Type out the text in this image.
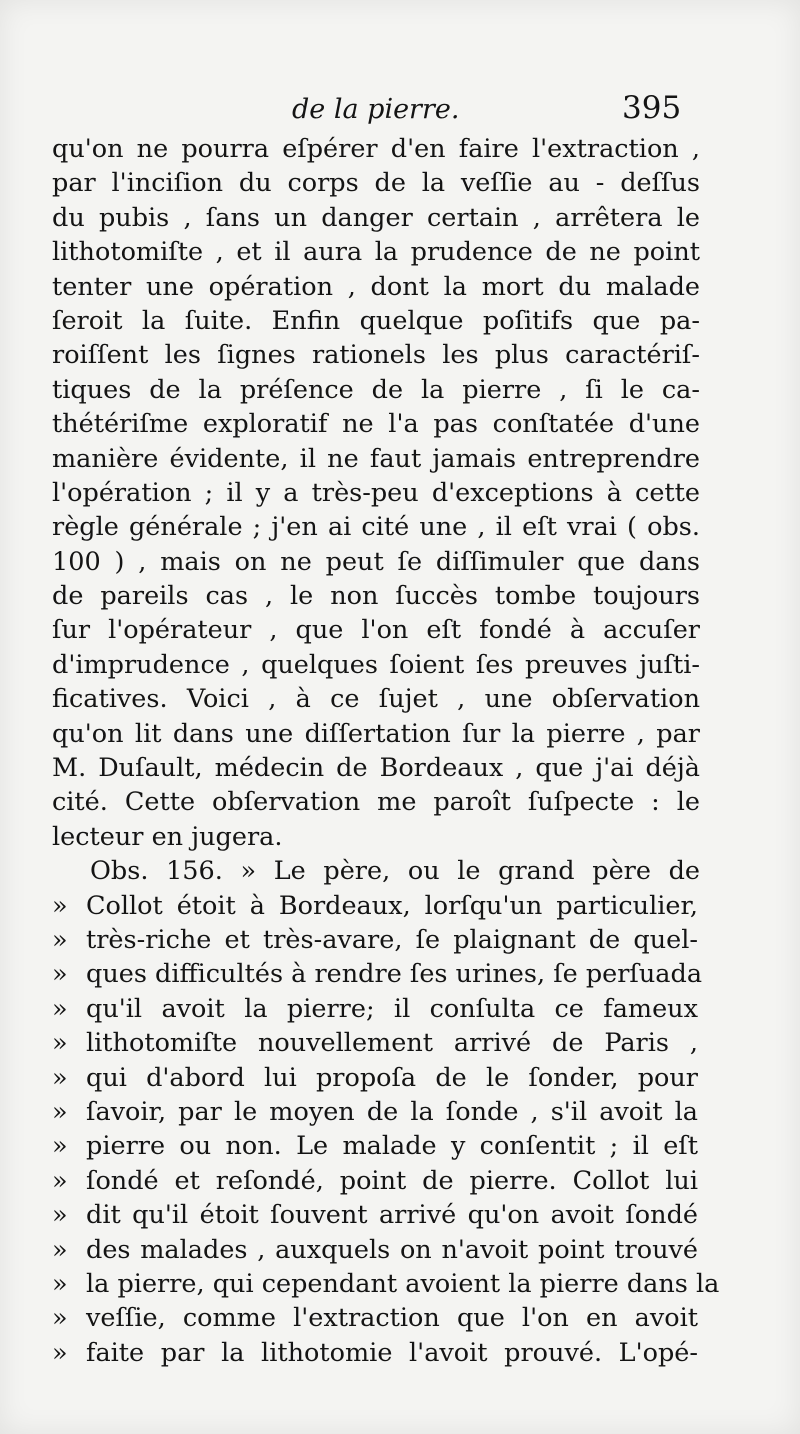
de la pierre.	395
qu'on ne pourra eſpérer d'en faire l'extraction ,
par l'inciſion du corps de la veſſie au - deſſus
du pubis , ſans un danger certain , arrêtera le
lithotomiſte , et il aura la prudence de ne point
tenter une opération , dont la mort du malade
ſeroit la ſuite. Enfin quelque poſitifs que pa-
roiſſent les ſignes rationels les plus caractériſ-
tiques de la préſence de la pierre , ſi le ca-
thétériſme exploratif ne l'a pas conſtatée d'une
manière évidente, il ne faut jamais entreprendre
l'opération ; il y a très-peu d'exceptions à cette
règle générale ; j'en ai cité une , il eſt vrai ( obs.
100 ) , mais on ne peut ſe diſſimuler que dans
de pareils cas , le non ſuccès tombe toujours
ſur l'opérateur , que l'on eſt fondé à accuſer
d'imprudence , quelques ſoient ſes preuves juſti-
ficatives. Voici , à ce ſujet , une obſervation
qu'on lit dans une diſſertation ſur la pierre , par
M. Duſault, médecin de Bordeaux , que j'ai déjà
cité. Cette obſervation me paroît ſuſpecte : le
lecteur en jugera.
Obs. 156. » Le père, ou le grand père de
» Collot étoit à Bordeaux, lorſqu'un particulier,
» très-riche et très-avare, ſe plaignant de quel-
» ques difficultés à rendre ſes urines, ſe perſuada
» qu'il avoit la pierre; il conſulta ce fameux
» lithotomiſte nouvellement arrivé de Paris ,
» qui d'abord lui propoſa de le ſonder, pour
» ſavoir, par le moyen de la ſonde , s'il avoit la
» pierre ou non. Le malade y conſentit ; il eſt
» ſondé et reſondé, point de pierre. Collot lui
» dit qu'il étoit ſouvent arrivé qu'on avoit ſondé
» des malades , auxquels on n'avoit point trouvé
» la pierre, qui cependant avoient la pierre dans la
» veſſie, comme l'extraction que l'on en avoit
» faite par la lithotomie l'avoit prouvé. L'opé-
